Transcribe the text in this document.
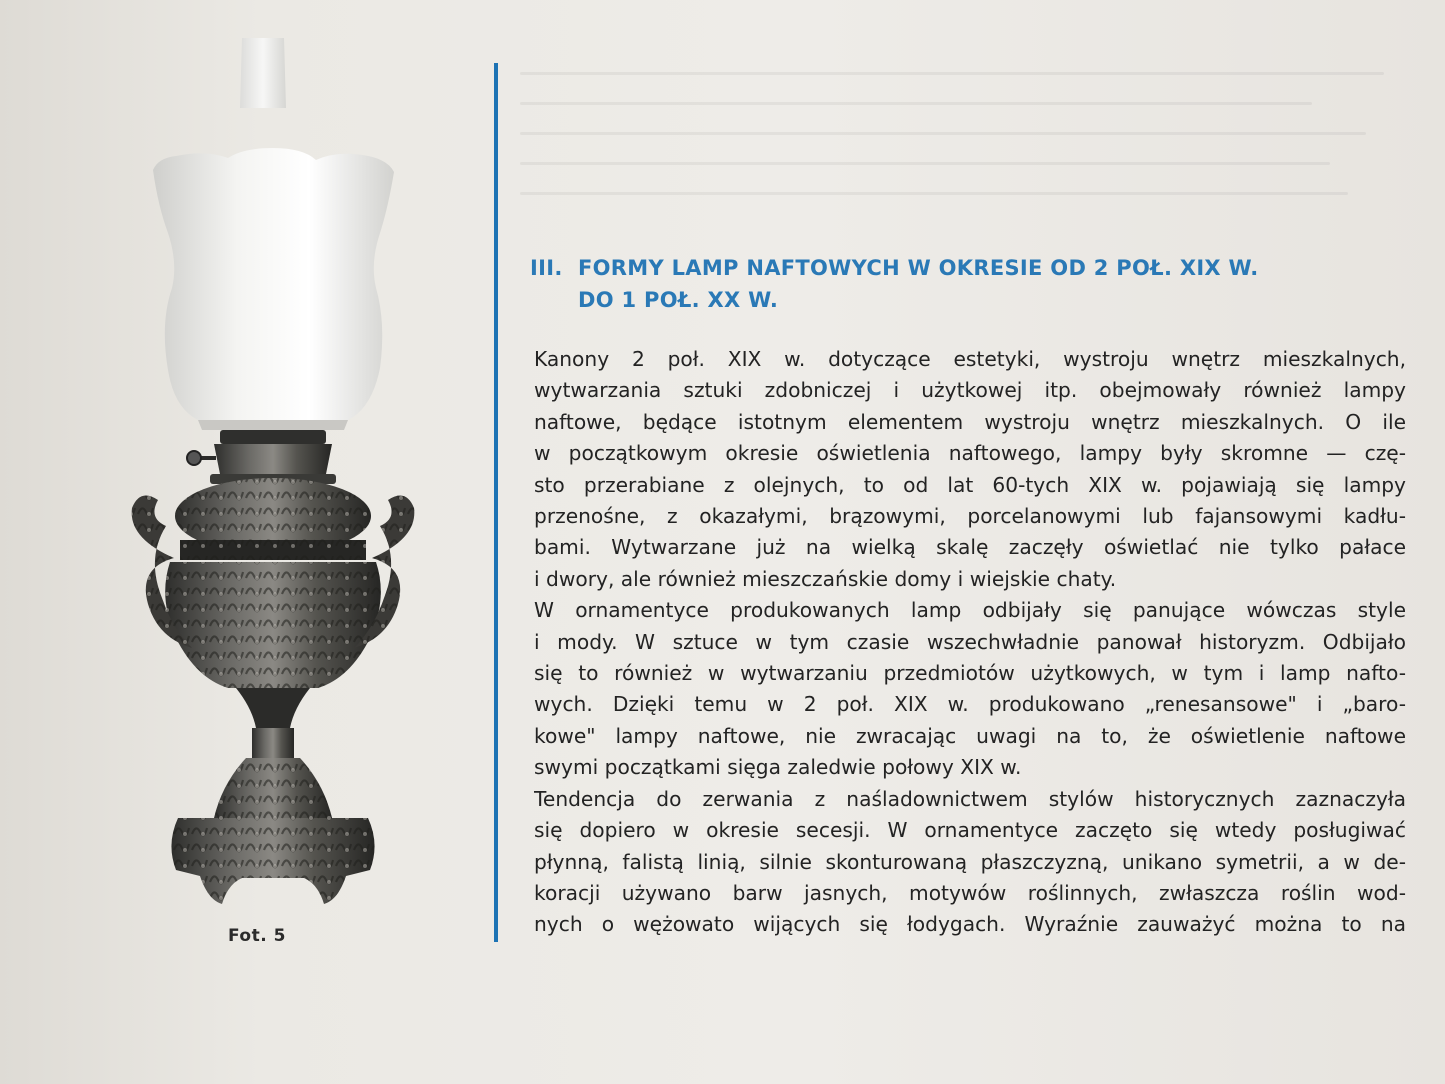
Fot. 5
III. FORMY LAMP NAFTOWYCH W OKRESIE OD 2 POŁ. XIX W.
DO 1 POŁ. XX W.
Kanony 2 poł. XIX w. dotyczące estetyki, wystroju wnętrz mieszkalnych,
wytwarzania sztuki zdobniczej i użytkowej itp. obejmowały również lampy
naftowe, będące istotnym elementem wystroju wnętrz mieszkalnych. O ile
w początkowym okresie oświetlenia naftowego, lampy były skromne — czę-
sto przerabiane z olejnych, to od lat 60-tych XIX w. pojawiają się lampy
przenośne, z okazałymi, brązowymi, porcelanowymi lub fajansowymi kadłu-
bami. Wytwarzane już na wielką skalę zaczęły oświetlać nie tylko pałace
i dwory, ale również mieszczańskie domy i wiejskie chaty.
W ornamentyce produkowanych lamp odbijały się panujące wówczas style
i mody. W sztuce w tym czasie wszechwładnie panował historyzm. Odbijało
się to również w wytwarzaniu przedmiotów użytkowych, w tym i lamp nafto-
wych. Dzięki temu w 2 poł. XIX w. produkowano „renesansowe" i „baro-
kowe" lampy naftowe, nie zwracając uwagi na to, że oświetlenie naftowe
swymi początkami sięga zaledwie połowy XIX w.
Tendencja do zerwania z naśladownictwem stylów historycznych zaznaczyła
się dopiero w okresie secesji. W ornamentyce zaczęto się wtedy posługiwać
płynną, falistą linią, silnie skonturowaną płaszczyzną, unikano symetrii, a w de-
koracji używano barw jasnych, motywów roślinnych, zwłaszcza roślin wod-
nych o wężowato wijących się łodygach. Wyraźnie zauważyć można to na
